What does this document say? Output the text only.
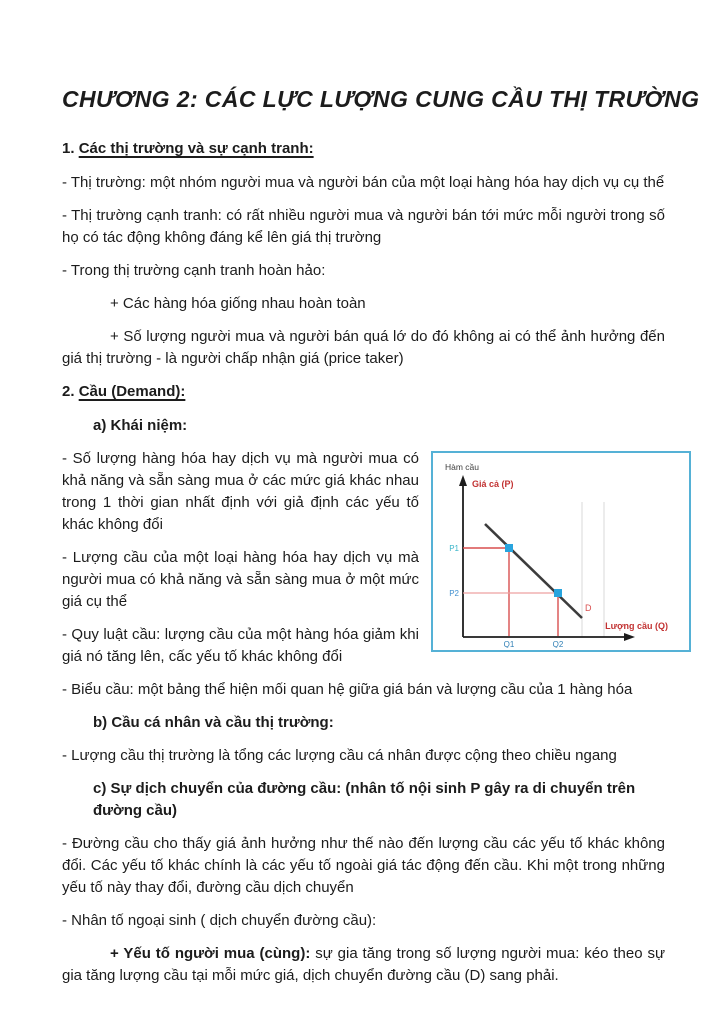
CHƯƠNG 2: CÁC LỰC LƯỢNG CUNG CẦU THỊ TRƯỜNG

1. Các thị trường và sự cạnh tranh:

- Thị trường: một nhóm người mua và người bán của một loại hàng hóa hay dịch vụ cụ thể

- Thị trường cạnh tranh: có rất nhiều người mua và người bán tới mức mỗi người trong số họ có tác động không đáng kể lên giá thị trường

- Trong thị trường cạnh tranh hoàn hảo:

+ Các hàng hóa giống nhau hoàn toàn

+ Số lượng người mua và người bán quá lớ do đó không ai có thể ảnh hưởng đến giá thị trường - là người chấp nhận giá (price taker)

2. Cầu (Demand):

a) Khái niệm:

Hàm cầu
Giá cả (P)
Lượng cầu (Q)
P1
P2
Q1	Q2
D

- Số lượng hàng hóa hay dịch vụ mà người mua có khả năng và sẵn sàng mua ở các mức giá khác nhau trong 1 thời gian nhất định với giả định các yếu tố khác không đổi

- Lượng cầu của một loại hàng hóa hay dịch vụ mà người mua có khả năng và sẵn sàng mua ở một mức giá cụ thể

- Quy luật cầu: lượng cầu của một hàng hóa giảm khi giá nó tăng lên, cấc yếu tố khác không đổi

- Biểu cầu: một bảng thể hiện mối quan hệ giữa giá bán và lượng cầu của 1 hàng hóa

b) Cầu cá nhân và cầu thị trường:

- Lượng cầu thị trường là tổng các lượng cầu cá nhân được cộng theo chiều ngang

c) Sự dịch chuyển của đường cầu: (nhân tố nội sinh P gây ra di chuyển trên đường cầu)

- Đường cầu cho thấy giá ảnh hưởng như thế nào đến lượng cầu các yếu tố khác không đổi. Các yếu tố khác chính là các yếu tố ngoài giá tác động đến cầu. Khi một trong những yếu tố này thay đổi, đường cầu dịch chuyển

- Nhân tố ngoại sinh ( dịch chuyển đường cầu):

+ Yếu tố người mua (cùng): sự gia tăng trong số lượng người mua: kéo theo sự gia tăng lượng cầu tại mỗi mức giá, dịch chuyển đường cầu (D) sang phải.
